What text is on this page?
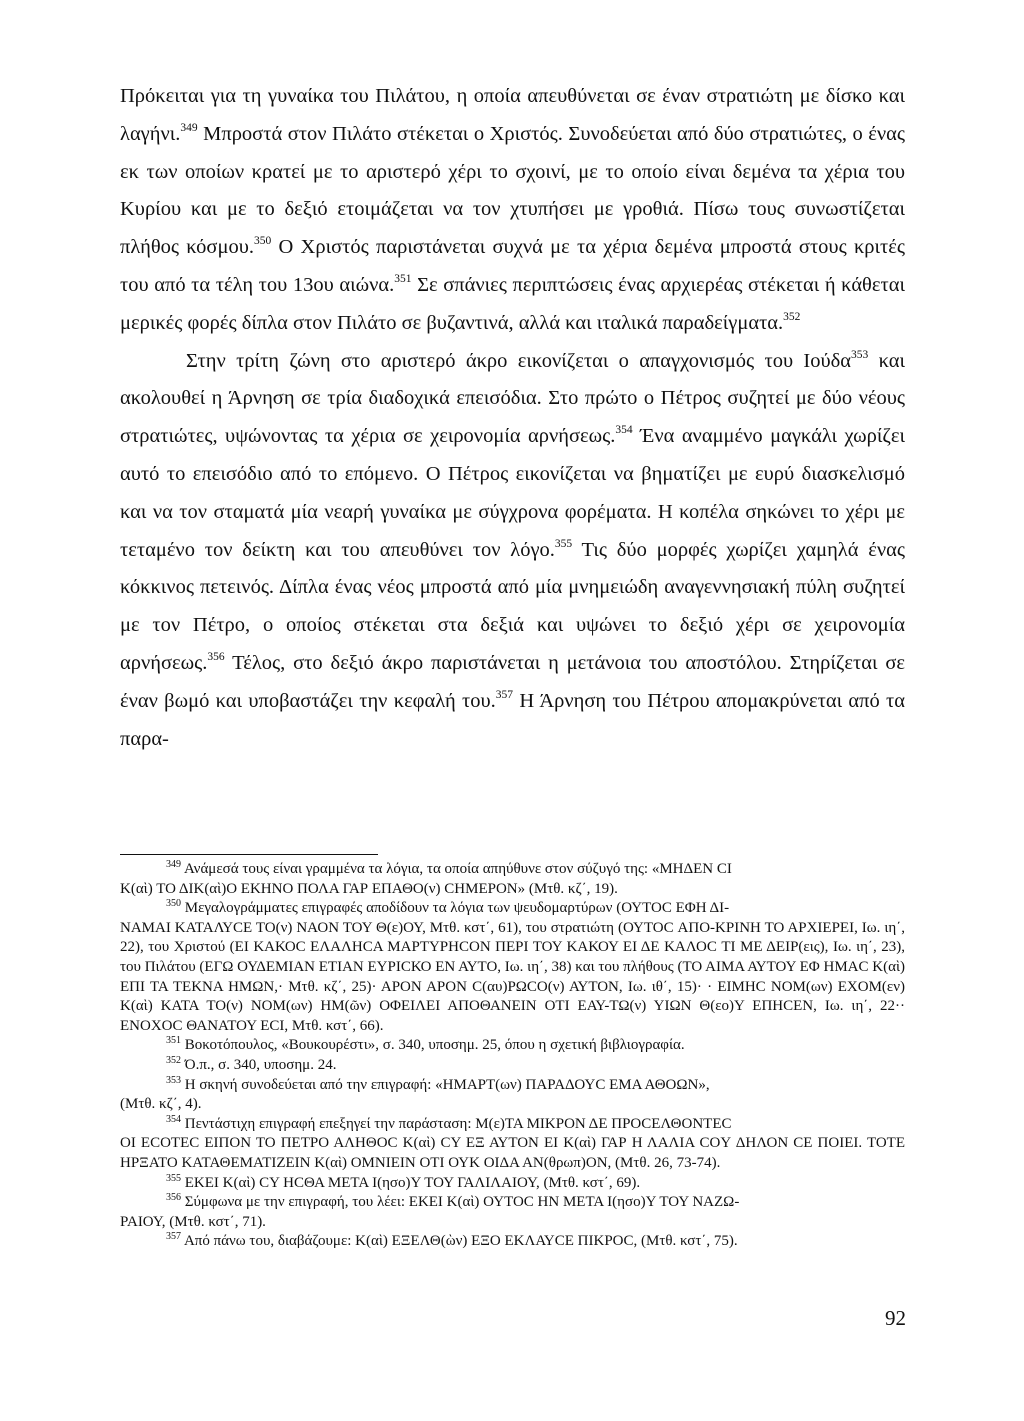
Πρόκειται για τη γυναίκα του Πιλάτου, η οποία απευθύνεται σε έναν στρατιώτη με δίσκο και λαγήνι.$^{349}$ Μπροστά στον Πιλάτο στέκεται ο Χριστός. Συνοδεύεται από δύο στρατιώτες, ο ένας εκ των οποίων κρατεί με το αριστερό χέρι το σχοινί, με το οποίο είναι δεμένα τα χέρια του Κυρίου και με το δεξιό ετοιμάζεται να τον χτυπήσει με γροθιά. Πίσω τους συνωστίζεται πλήθος κόσμου.$^{350}$ Ο Χριστός παριστάνεται συχνά με τα χέρια δεμένα μπροστά στους κριτές του από τα τέλη του 13ου αιώνα.$^{351}$ Σε σπάνιες περιπτώσεις ένας αρχιερέας στέκεται ή κάθεται μερικές φορές δίπλα στον Πιλάτο σε βυζαντινά, αλλά και ιταλικά παραδείγματα.$^{352}$

Στην τρίτη ζώνη στο αριστερό άκρο εικονίζεται ο απαγχονισμός του Ιούδα$^{353}$ και ακολουθεί η Άρνηση σε τρία διαδοχικά επεισόδια. Στο πρώτο ο Πέτρος συζητεί με δύο νέους στρατιώτες, υψώνοντας τα χέρια σε χειρονομία αρνήσεως.$^{354}$ Ένα αναμμένο μαγκάλι χωρίζει αυτό το επεισόδιο από το επόμενο. Ο Πέτρος εικονίζεται να βηματίζει με ευρύ διασκελισμό και να τον σταματά μία νεαρή γυναίκα με σύγχρονα φορέματα. Η κοπέλα σηκώνει το χέρι με τεταμένο τον δείκτη και του απευθύνει τον λόγο.$^{355}$ Τις δύο μορφές χωρίζει χαμηλά ένας κόκκινος πετεινός. Δίπλα ένας νέος μπροστά από μία μνημειώδη αναγεννησιακή πύλη συζητεί με τον Πέτρο, ο οποίος στέκεται στα δεξιά και υψώνει το δεξιό χέρι σε χειρονομία αρνήσεως.$^{356}$ Τέλος, στο δεξιό άκρο παριστάνεται η μετάνοια του αποστόλου. Στηρίζεται σε έναν βωμό και υποβαστάζει την κεφαλή του.$^{357}$ Η Άρνηση του Πέτρου απομακρύνεται από τα παρα-

$^{349}$ Ανάμεσά τους είναι γραμμένα τα λόγια, τα οποία απηύθυνε στον σύζυγό της: «ΜΗΔΕΝ CI
Κ(αὶ) ΤΟ ΔΙΚ(αὶ)Ο ΕΚΗΝΟ ΠΟΛΑ ΓΑΡ ΕΠΑΘΟ(ν) CHMEPON» (Mτθ. κζ΄, 19).
$^{350}$ Μεγαλογράμματες επιγραφές αποδίδουν τα λόγια των ψευδομαρτύρων (ΟΥΤΟC ΕΦΗ ΔΙ-
ΝΑΜΑΙ ΚΑΤΑΛΥCΕ ΤΟ(ν) ΝΑΟΝ ΤΟΥ Θ(ε)ΟΥ, Μτθ. κστ΄, 61), του στρατιώτη (ΟΥΤΟC ΑΠΟ-ΚΡΙΝΗ ΤΟ ΑΡΧΙΕΡΕΙ, Ιω. ιη΄, 22), του Χριστού (ΕΙ ΚΑΚΟC ΕΛΑΛΗCΑ ΜΑΡΤΥΡΗCΟΝ ΠΕΡΙ ΤΟΥ ΚΑΚΟΥ ΕΙ ΔΕ ΚΑΛΟC ΤΙ ΜΕ ΔΕΙΡ(εις), Ιω. ιη΄, 23), του Πιλάτου (ΕΓΩ ΟΥΔΕΜΙΑΝ ΕΤΙΑΝ ΕΥΡΙCΚΟ ΕΝ ΑΥΤΟ, Ιω. ιη΄, 38) και του πλήθους (ΤΟ ΑΙΜΑ ΑΥΤΟΥ ΕΦ ΗΜΑC Κ(αὶ) ΕΠΙ ΤΑ ΤΕΚΝΑ ΗΜΩΝ,· Μτθ. κζ΄, 25)· ΑΡΟΝ ΑΡΟΝ C(αυ)ΡΩCΟ(ν) ΑΥΤΟΝ, Ιω. ιθ΄, 15)· · ΕΙΜΗC ΝΟΜ(ων) ΕΧΟΜ(εν) Κ(αὶ) ΚΑΤΑ ΤΟ(ν) ΝΟΜ(ων) ΗΜ(ῶν) ΟΦΕΙΛΕΙ ΑΠΟΘΑΝΕΙΝ ΟΤΙ ΕΑΥ-ΤΩ(ν) ΥΙΩΝ Θ(εο)Υ ΕΠΗCΕΝ, Ιω. ιη΄, 22·· ΕΝΟΧΟC ΘΑΝΑΤΟΥ ΕCΙ, Μτθ. κστ΄, 66).
$^{351}$ Βοκοτόπουλος, «Βουκουρέστι», σ. 340, υποσημ. 25, όπου η σχετική βιβλιογραφία.
$^{352}$ Ό.π., σ. 340, υποσημ. 24.
$^{353}$ Η σκηνή συνοδεύεται από την επιγραφή: «ΗΜΑΡΤ(ων) ΠΑΡΑΔΟΥC ΕΜΑ ΑΘΟΩΝ»,
(Μτθ. κζ΄, 4).
$^{354}$ Πεντάστιχη επιγραφή επεξηγεί την παράσταση: Μ(ε)ΤΑ ΜΙΚΡΟΝ ΔΕ ΠΡΟCΕΛΘΟΝΤΕC
ΟΙ ΕCΟΤΕC ΕΙΠΟΝ ΤΟ ΠΕΤΡΟ ΑΛΗΘΟC Κ(αὶ) CΥ ΕΞ ΑΥΤΟΝ ΕΙ Κ(αὶ) ΓΑΡ Η ΛΑΛΙΑ COY ΔΗΛΟΝ CE ΠΟΙΕΙ. ΤΟΤΕ ΗΡΞΑΤΟ ΚΑΤΑΘΕΜΑΤΙΖΕΙΝ Κ(αὶ) ΟΜΝΙΕΙΝ ΟΤΙ ΟΥΚ ΟΙΔΑ ΑΝ(θρωπ)ΟΝ, (Μτθ. 26, 73-74).
$^{355}$ ΕΚΕΙ Κ(αὶ) CΥ ΗCΘΑ ΜΕΤΑ Ι(ησο)Υ ΤΟΥ ΓΑΛΙΛΑΙΟΥ, (Μτθ. κστ΄, 69).
$^{356}$ Σύμφωνα με την επιγραφή, του λέει: ΕΚΕΙ Κ(αὶ) ΟΥΤΟC ΗΝ ΜΕΤΑ Ι(ησο)Υ ΤΟΥ ΝΑΖΩ-
ΡΑΙΟΥ, (Μτθ. κστ΄, 71).
$^{357}$ Από πάνω του, διαβάζουμε: Κ(αὶ) ΕΞΕΛΘ(ὼν) ΕΞΟ ΕΚΛΑΥCΕ ΠΙΚΡΟC, (Μτθ. κστ΄, 75).
92
